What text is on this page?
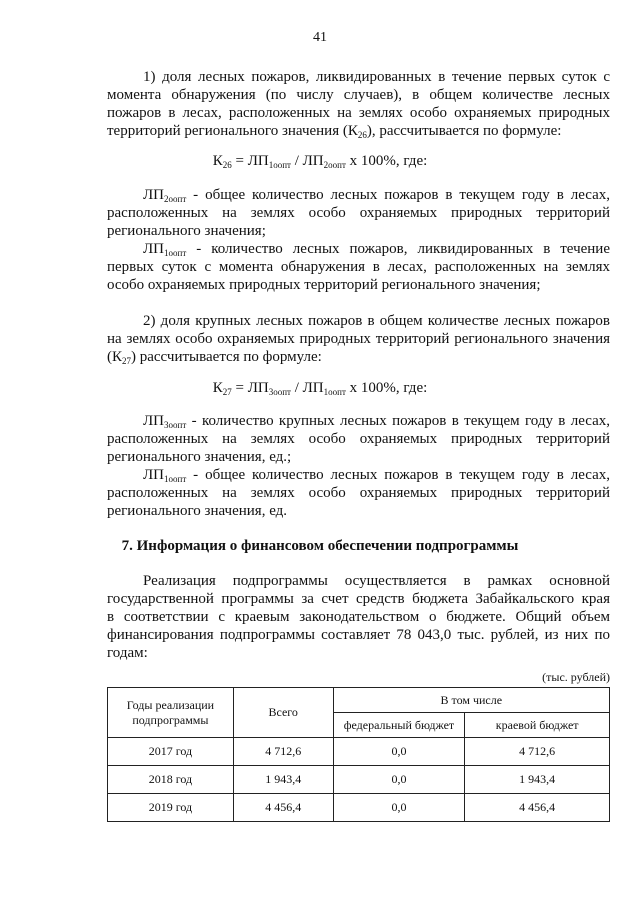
41

1) доля лесных пожаров, ликвидированных в течение первых суток с

момента обнаружения (по числу случаев), в общем количестве лесных

пожаров в лесах, расположенных на землях особо охраняемых природных

территорий регионального значения $(К_{26})$, рассчитывается по формуле:

$К_{26} = ЛП_{1оопт} / ЛП_{2оопт}$ х 100%, где:

$ЛП_{2оопт}$ - общее количество лесных пожаров в текущем году в лесах,

расположенных на землях особо охраняемых природных территорий

регионального значения;

$ЛП_{1оопт}$ - количество лесных пожаров, ликвидированных в течение

первых суток с момента обнаружения в лесах, расположенных на землях

особо охраняемых природных территорий регионального значения;

2) доля крупных лесных пожаров в общем количестве лесных пожаров

на землях особо охраняемых природных территорий регионального значения

$(К_{27})$ рассчитывается по формуле:

$К_{27} = ЛП_{3оопт} / ЛП_{1оопт}$ х 100%, где:

$ЛП_{3оопт}$ - количество крупных лесных пожаров в текущем году в лесах,

расположенных на землях особо охраняемых природных территорий

регионального значения, ед.;

$ЛП_{1оопт}$ - общее количество лесных пожаров в текущем году в лесах,

расположенных на землях особо охраняемых природных территорий

регионального значения, ед.

7. Информация о финансовом обеспечении подпрограммы

Реализация подпрограммы осуществляется в рамках основной

государственной программы за счет средств бюджета Забайкальского края

в соответствии с краевым законодательством о бюджете. Общий объем

финансирования подпрограммы составляет 78 043,0 тыс. рублей, из них по

годам:

(тыс. рублей)
Годы реализации подпрограммы	Всего	В том числе	
		федеральный бюджет	краевой бюджет
2017 год	4 712,6	0,0	4 712,6
2018 год	1 943,4	0,0	1 943,4
2019 год	4 456,4	0,0	4 456,4
